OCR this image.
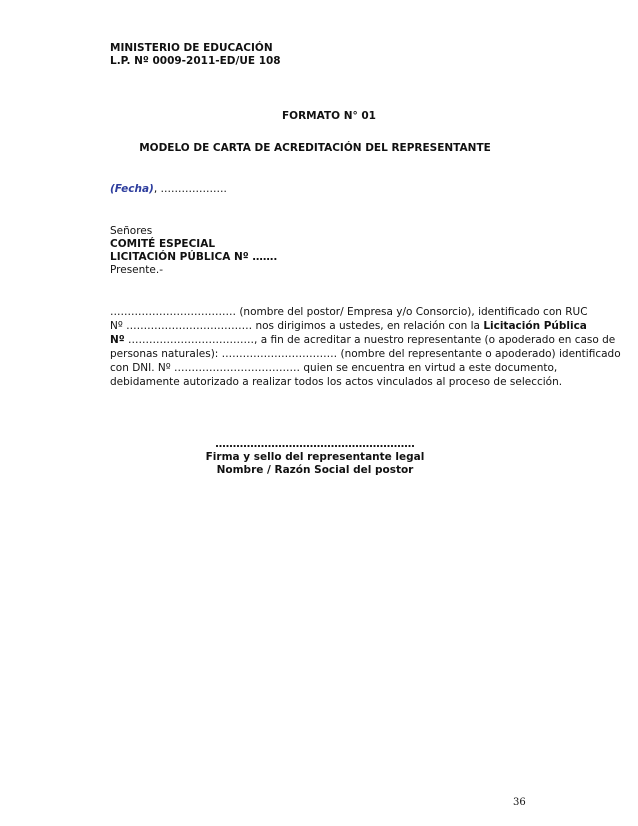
MINISTERIO DE EDUCACIÓN
L.P. Nº 0009-2011-ED/UE 108
FORMATO N° 01
MODELO DE CARTA DE ACREDITACIÓN DEL REPRESENTANTE
(Fecha), ……………….
Señores
COMITÉ ESPECIAL
LICITACIÓN PÚBLICA Nº …….
Presente.-
……………………………… (nombre del postor/ Empresa y/o Consorcio), identificado con RUC
Nº ……………………………… nos dirigimos a ustedes, en relación con la Licitación Pública
Nº ………………………………, a fin de acreditar a nuestro representante (o apoderado en caso de
personas naturales): …………………………… (nombre del representante o apoderado) identificado
con DNI. Nº ……………………………… quien se encuentra en virtud a este documento,
debidamente autorizado a realizar todos los actos vinculados al proceso de selección.
…………………………………………………
Firma y sello del representante legal
Nombre / Razón Social del postor
36
